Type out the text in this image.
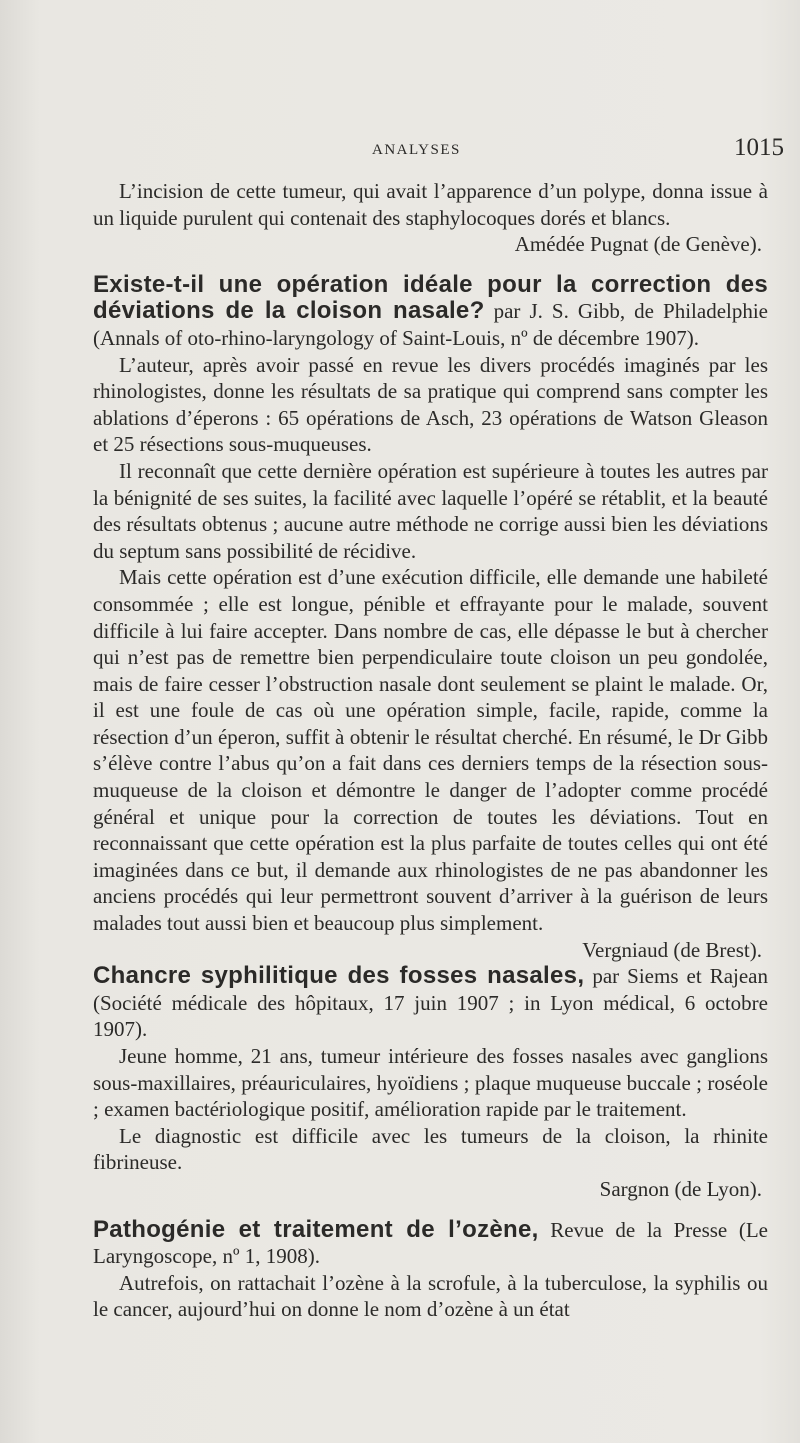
ANALYSES	1015

L’incision de cette tumeur, qui avait l’apparence d’un polype, donna issue à un liquide purulent qui contenait des staphylocoques dorés et blancs.

Amédée Pugnat (de Genève).

Existe-t-il une opération idéale pour la correction des déviations de la cloison nasale? par J. S. Gibb, de Philadelphie (Annals of oto-rhino-laryngology of Saint-Louis, nº de décembre 1907).

L’auteur, après avoir passé en revue les divers procédés imaginés par les rhinologistes, donne les résultats de sa pratique qui comprend sans compter les ablations d’éperons : 65 opérations de Asch, 23 opérations de Watson Gleason et 25 résections sous-muqueuses.

Il reconnaît que cette dernière opération est supérieure à toutes les autres par la bénignité de ses suites, la facilité avec laquelle l’opéré se rétablit, et la beauté des résultats obtenus ; aucune autre méthode ne corrige aussi bien les déviations du septum sans possibilité de récidive.

Mais cette opération est d’une exécution difficile, elle demande une habileté consommée ; elle est longue, pénible et effrayante pour le malade, souvent difficile à lui faire accepter. Dans nombre de cas, elle dépasse le but à chercher qui n’est pas de remettre bien perpendiculaire toute cloison un peu gondolée, mais de faire cesser l’obstruction nasale dont seulement se plaint le malade. Or, il est une foule de cas où une opération simple, facile, rapide, comme la résection d’un éperon, suffit à obtenir le résultat cherché. En résumé, le Dr Gibb s’élève contre l’abus qu’on a fait dans ces derniers temps de la résection sous-muqueuse de la cloison et démontre le danger de l’adopter comme procédé général et unique pour la correction de toutes les déviations. Tout en reconnaissant que cette opération est la plus parfaite de toutes celles qui ont été imaginées dans ce but, il demande aux rhinologistes de ne pas abandonner les anciens procédés qui leur permettront souvent d’arriver à la guérison de leurs malades tout aussi bien et beaucoup plus simplement.

Vergniaud (de Brest).

Chancre syphilitique des fosses nasales, par Siems et Rajean (Société médicale des hôpitaux, 17 juin 1907 ; in Lyon médical, 6 octobre 1907).

Jeune homme, 21 ans, tumeur intérieure des fosses nasales avec ganglions sous-maxillaires, préauriculaires, hyoïdiens ; plaque muqueuse buccale ; roséole ; examen bactériologique positif, amélioration rapide par le traitement.

Le diagnostic est difficile avec les tumeurs de la cloison, la rhinite fibrineuse.

Sargnon (de Lyon).

Pathogénie et traitement de l’ozène, Revue de la Presse (Le Laryngoscope, nº 1, 1908).

Autrefois, on rattachait l’ozène à la scrofule, à la tuberculose, la syphilis ou le cancer, aujourd’hui on donne le nom d’ozène à un état
